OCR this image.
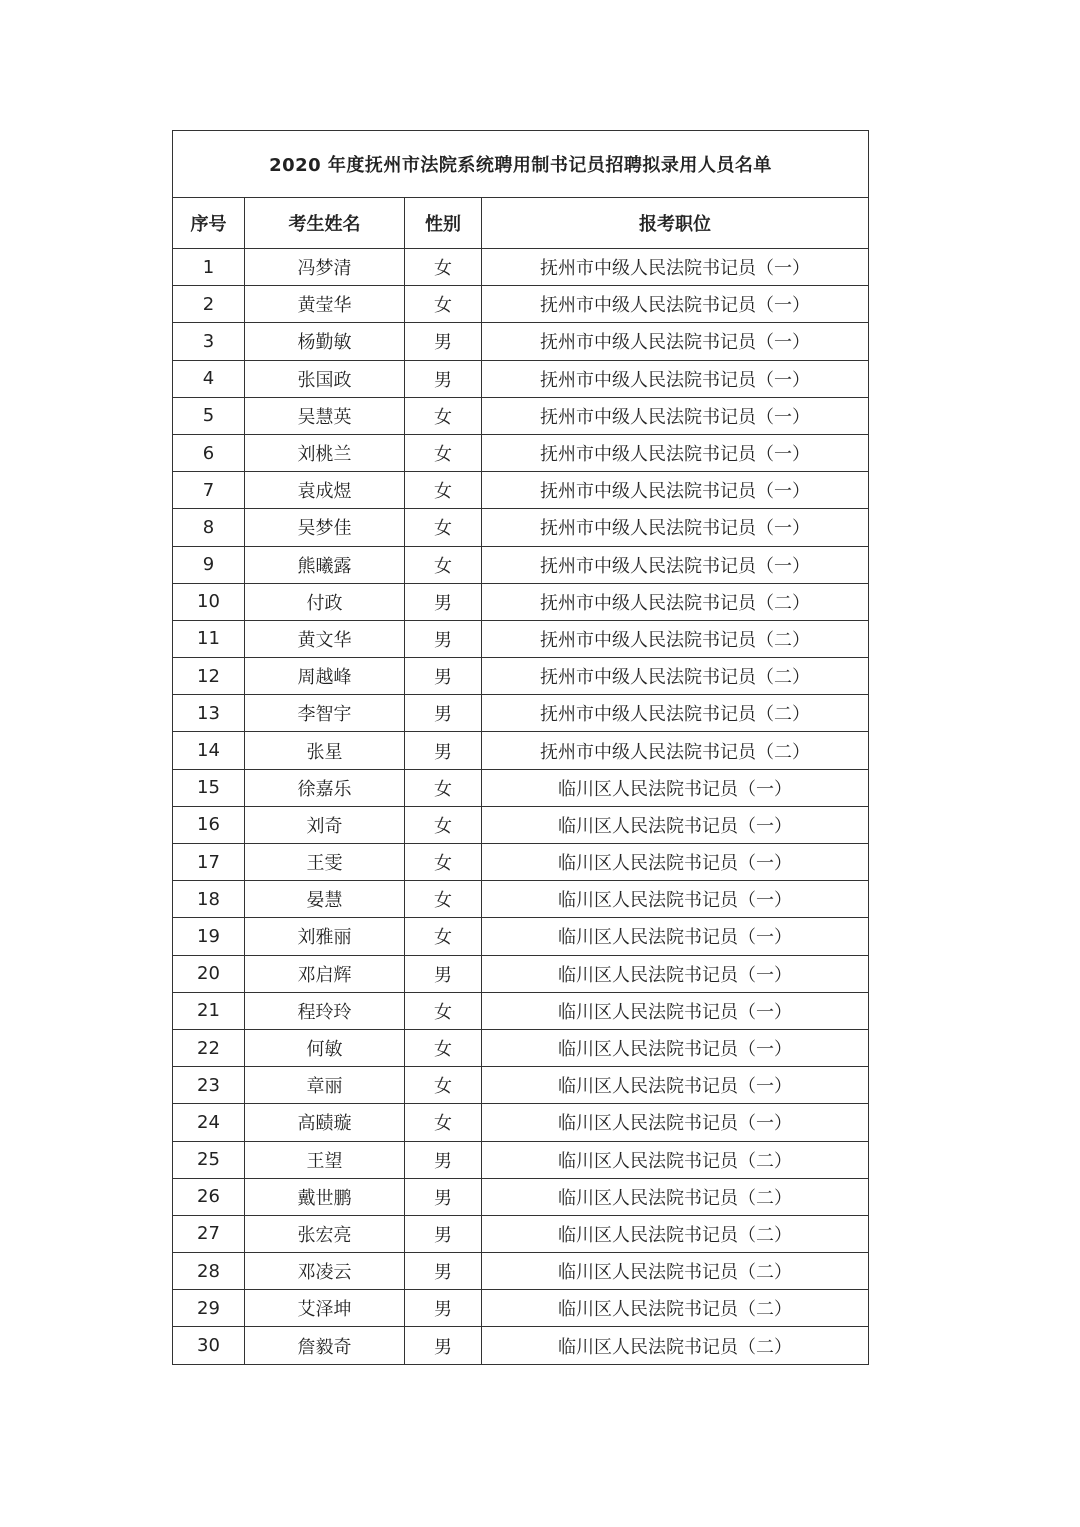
2020 年度抚州市法院系统聘用制书记员招聘拟录用人员名单			
序号	考生姓名	性别	报考职位
1	冯梦清	女	抚州市中级人民法院书记员（一）
2	黄莹华	女	抚州市中级人民法院书记员（一）
3	杨勤敏	男	抚州市中级人民法院书记员（一）
4	张国政	男	抚州市中级人民法院书记员（一）
5	吴慧英	女	抚州市中级人民法院书记员（一）
6	刘桃兰	女	抚州市中级人民法院书记员（一）
7	袁成煜	女	抚州市中级人民法院书记员（一）
8	吴梦佳	女	抚州市中级人民法院书记员（一）
9	熊曦露	女	抚州市中级人民法院书记员（一）
10	付政	男	抚州市中级人民法院书记员（二）
11	黄文华	男	抚州市中级人民法院书记员（二）
12	周越峰	男	抚州市中级人民法院书记员（二）
13	李智宇	男	抚州市中级人民法院书记员（二）
14	张星	男	抚州市中级人民法院书记员（二）
15	徐嘉乐	女	临川区人民法院书记员（一）
16	刘奇	女	临川区人民法院书记员（一）
17	王雯	女	临川区人民法院书记员（一）
18	晏慧	女	临川区人民法院书记员（一）
19	刘雅丽	女	临川区人民法院书记员（一）
20	邓启辉	男	临川区人民法院书记员（一）
21	程玲玲	女	临川区人民法院书记员（一）
22	何敏	女	临川区人民法院书记员（一）
23	章丽	女	临川区人民法院书记员（一）
24	高赜璇	女	临川区人民法院书记员（一）
25	王望	男	临川区人民法院书记员（二）
26	戴世鹏	男	临川区人民法院书记员（二）
27	张宏亮	男	临川区人民法院书记员（二）
28	邓凌云	男	临川区人民法院书记员（二）
29	艾泽坤	男	临川区人民法院书记员（二）
30	詹毅奇	男	临川区人民法院书记员（二）
